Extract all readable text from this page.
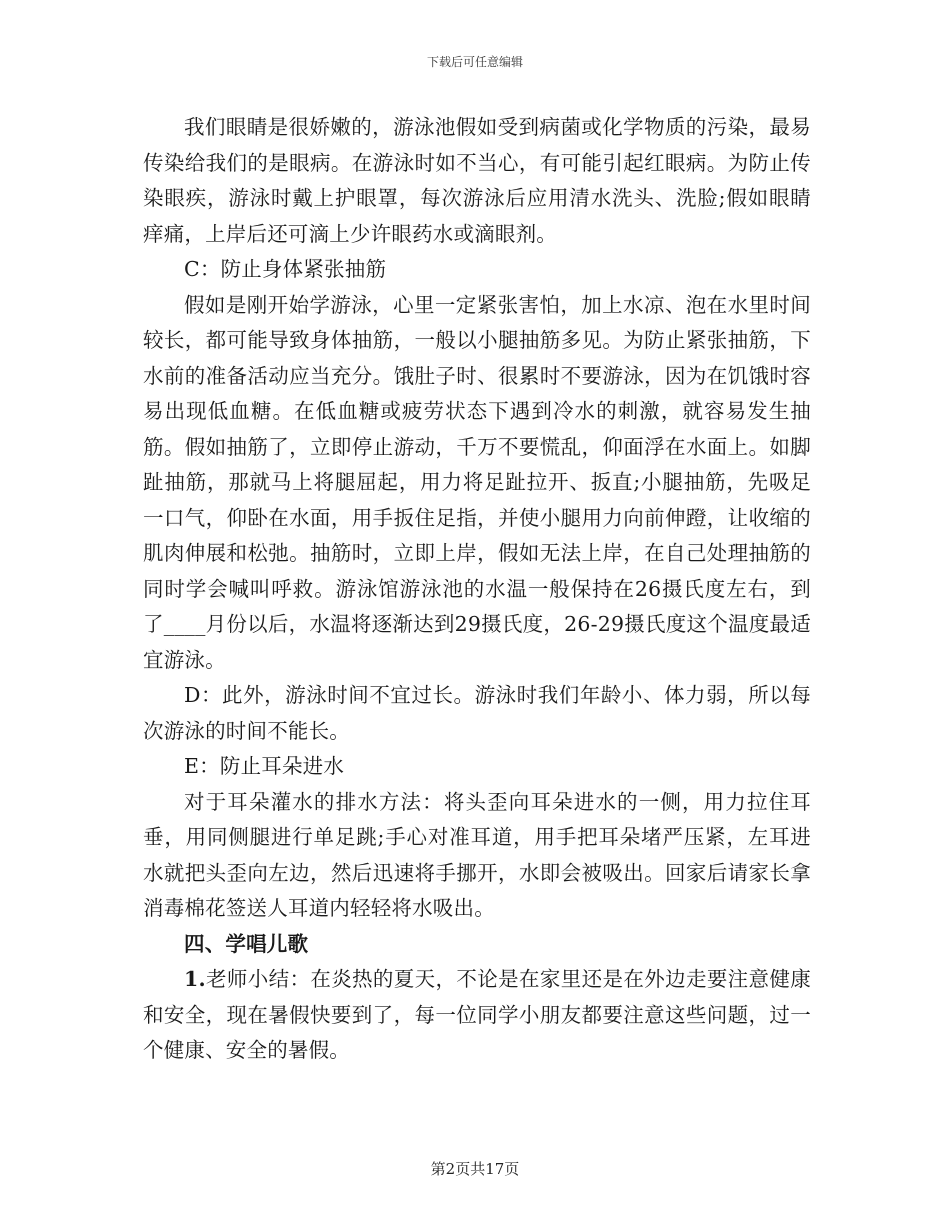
下载后可任意编辑

我们眼睛是很娇嫩的，游泳池假如受到病菌或化学物质的污染，最易传染给我们的是眼病。在游泳时如不当心，有可能引起红眼病。为防止传染眼疾，游泳时戴上护眼罩，每次游泳后应用清水洗头、洗脸;假如眼睛痒痛，上岸后还可滴上少许眼药水或滴眼剂。

C：防止身体紧张抽筋

假如是刚开始学游泳，心里一定紧张害怕，加上水凉、泡在水里时间较长，都可能导致身体抽筋，一般以小腿抽筋多见。为防止紧张抽筋，下水前的准备活动应当充分。饿肚子时、很累时不要游泳，因为在饥饿时容易出现低血糖。在低血糖或疲劳状态下遇到冷水的刺激，就容易发生抽筋。假如抽筋了，立即停止游动，千万不要慌乱，仰面浮在水面上。如脚趾抽筋，那就马上将腿屈起，用力将足趾拉开、扳直;小腿抽筋，先吸足一口气，仰卧在水面，用手扳住足指，并使小腿用力向前伸蹬，让收缩的肌肉伸展和松弛。抽筋时，立即上岸，假如无法上岸，在自己处理抽筋的同时学会喊叫呼救。游泳馆游泳池的水温一般保持在26摄氏度左右，到了____月份以后，水温将逐渐达到29摄氏度，26-29摄氏度这个温度最适宜游泳。

D：此外，游泳时间不宜过长。游泳时我们年龄小、体力弱，所以每次游泳的时间不能长。

E：防止耳朵进水

对于耳朵灌水的排水方法：将头歪向耳朵进水的一侧，用力拉住耳垂，用同侧腿进行单足跳;手心对准耳道，用手把耳朵堵严压紧，左耳进水就把头歪向左边，然后迅速将手挪开，水即会被吸出。回家后请家长拿消毒棉花签送人耳道内轻轻将水吸出。

四、学唱儿歌

1.老师小结：在炎热的夏天，不论是在家里还是在外边走要注意健康和安全，现在暑假快要到了，每一位同学小朋友都要注意这些问题，过一个健康、安全的暑假。

第2页共17页
